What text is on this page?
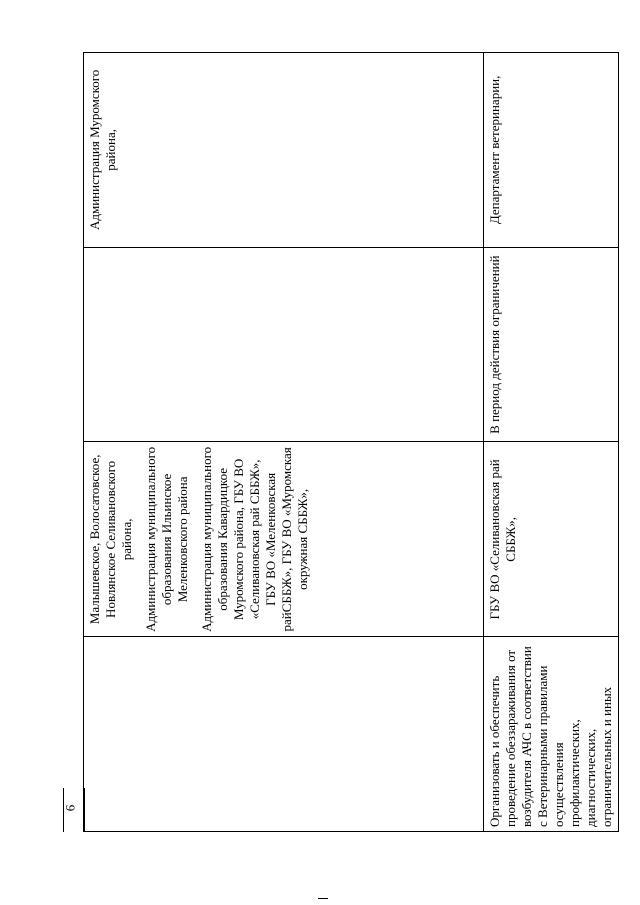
	Малышевское, Волосатовское, Новлянское Селивановского района, Администрация муниципального образования Ильинское Меленковского района Администрация муниципального образования Кавардицкое Муромского района, ГБУ ВО «Селивановская рай СББЖ», ГБУ ВО «Меленковская райСББЖ», ГБУ ВО «Муромская окружная СББЖ»,		Администрация Муромского района,

Организовать и обеспечить проведение обеззараживания от возбудителя АЧС в соответствии с Ветеринарными правилами осуществления профилактических, диагностических, ограничительных и иных	ГБУ ВО «Селивановская рай СББЖ»,	В период действия ограничений	Департамент ветеринарии,
6
